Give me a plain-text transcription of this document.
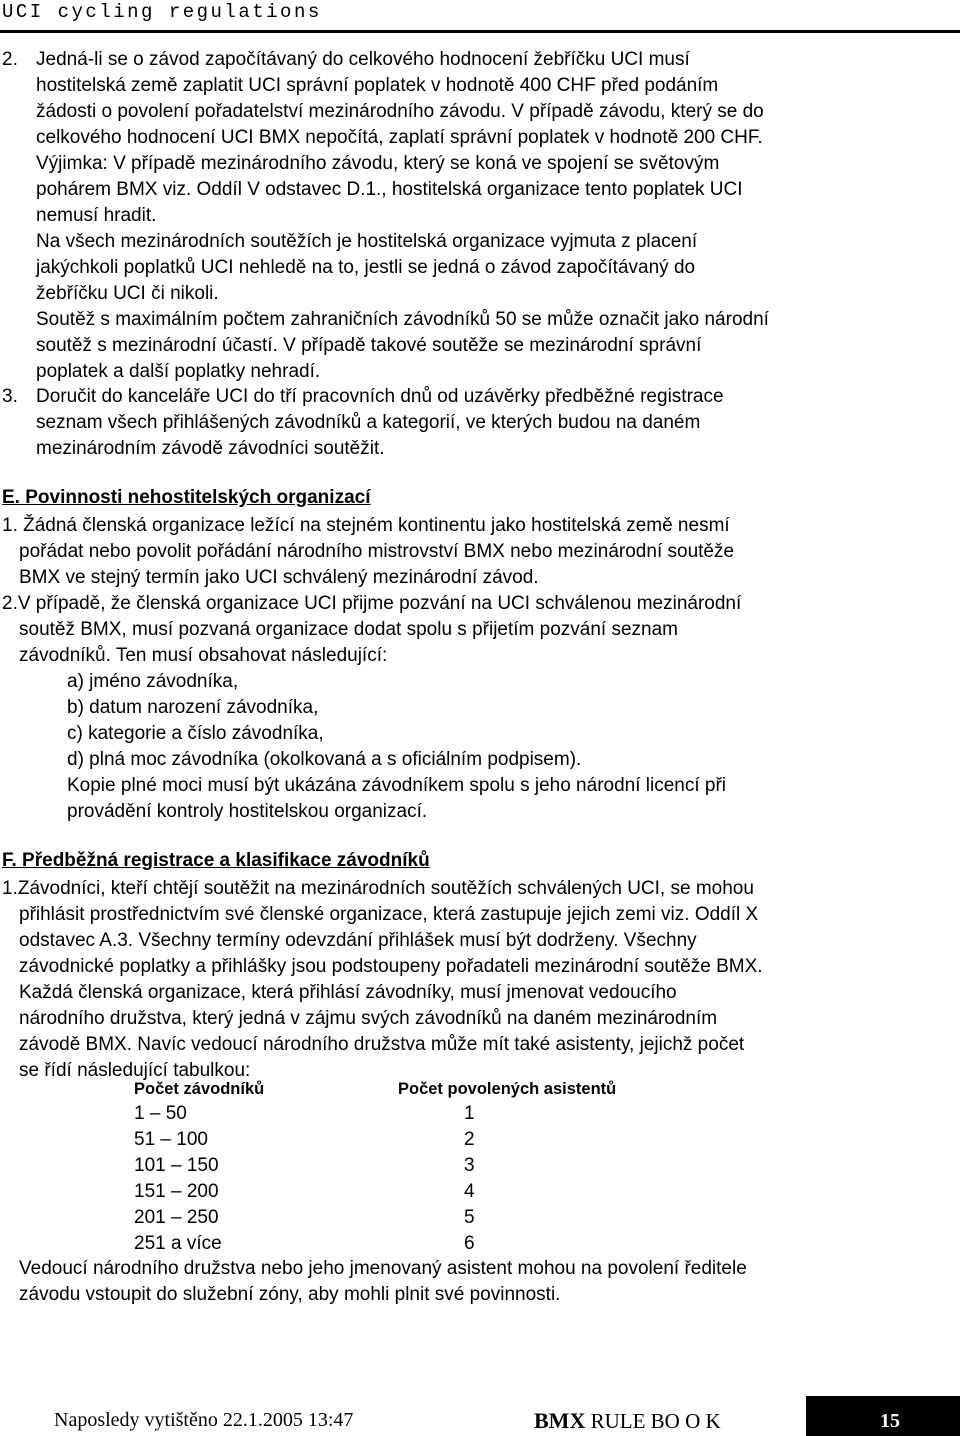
UCI cycling regulations
2. Jedná-li se o závod započítávaný do celkového hodnocení žebříčku UCI musí
hostitelská země zaplatit UCI správní poplatek v hodnotě 400 CHF před podáním
žádosti o povolení pořadatelství mezinárodního závodu. V případě závodu, který se do
celkového hodnocení UCI BMX nepočítá, zaplatí správní poplatek v hodnotě 200 CHF.
Výjimka: V případě mezinárodního závodu, který se koná ve spojení se světovým
pohárem BMX viz. Oddíl V odstavec D.1., hostitelská organizace tento poplatek UCI
nemusí hradit.
Na všech mezinárodních soutěžích je hostitelská organizace vyjmuta z placení
jakýchkoli poplatků UCI nehledě na to, jestli se jedná o závod započítávaný do
žebříčku UCI či nikoli.
Soutěž s maximálním počtem zahraničních závodníků 50 se může označit jako národní
soutěž s mezinárodní účastí. V případě takové soutěže se mezinárodní správní
poplatek a další poplatky nehradí.
3. Doručit do kanceláře UCI do tří pracovních dnů od uzávěrky předběžné registrace
seznam všech přihlášených závodníků a kategorií, ve kterých budou na daném
mezinárodním závodě závodníci soutěžit.
E. Povinnosti nehostitelských organizací
1. Žádná členská organizace ležící na stejném kontinentu jako hostitelská země nesmí
pořádat nebo povolit pořádání národního mistrovství BMX nebo mezinárodní soutěže
BMX ve stejný termín jako UCI schválený mezinárodní závod.
2.V případě, že členská organizace UCI přijme pozvání na UCI schválenou mezinárodní
soutěž BMX, musí pozvaná organizace dodat spolu s přijetím pozvání seznam
závodníků. Ten musí obsahovat následující:
a) jméno závodníka,
b) datum narození závodníka,
c) kategorie a číslo závodníka,
d) plná moc závodníka (okolkovaná a s oficiálním podpisem).
Kopie plné moci musí být ukázána závodníkem spolu s jeho národní licencí při
provádění kontroly hostitelskou organizací.
F. Předběžná registrace a klasifikace závodníků
1.Závodníci, kteří chtějí soutěžit na mezinárodních soutěžích schválených UCI, se mohou
přihlásit prostřednictvím své členské organizace, která zastupuje jejich zemi viz. Oddíl X
odstavec A.3. Všechny termíny odevzdání přihlášek musí být dodrženy. Všechny
závodnické poplatky a přihlášky jsou podstoupeny pořadateli mezinárodní soutěže BMX.
Každá členská organizace, která přihlásí závodníky, musí jmenovat vedoucího
národního družstva, který jedná v zájmu svých závodníků na daném mezinárodním
závodě BMX. Navíc vedoucí národního družstva může mít také asistenty, jejichž počet
se řídí následující tabulkou:
Počet závodníků	Počet povolených asistentů
1 – 50	1
51 – 100	2
101 – 150	3
151 – 200	4
201 – 250	5
251 a více	6
Vedoucí národního družstva nebo jeho jmenovaný asistent mohou na povolení ředitele
závodu vstoupit do služební zóny, aby mohli plnit své povinnosti.
Naposledy vytištěno 22.1.2005 13:47	BMX RULE BO O K	15
